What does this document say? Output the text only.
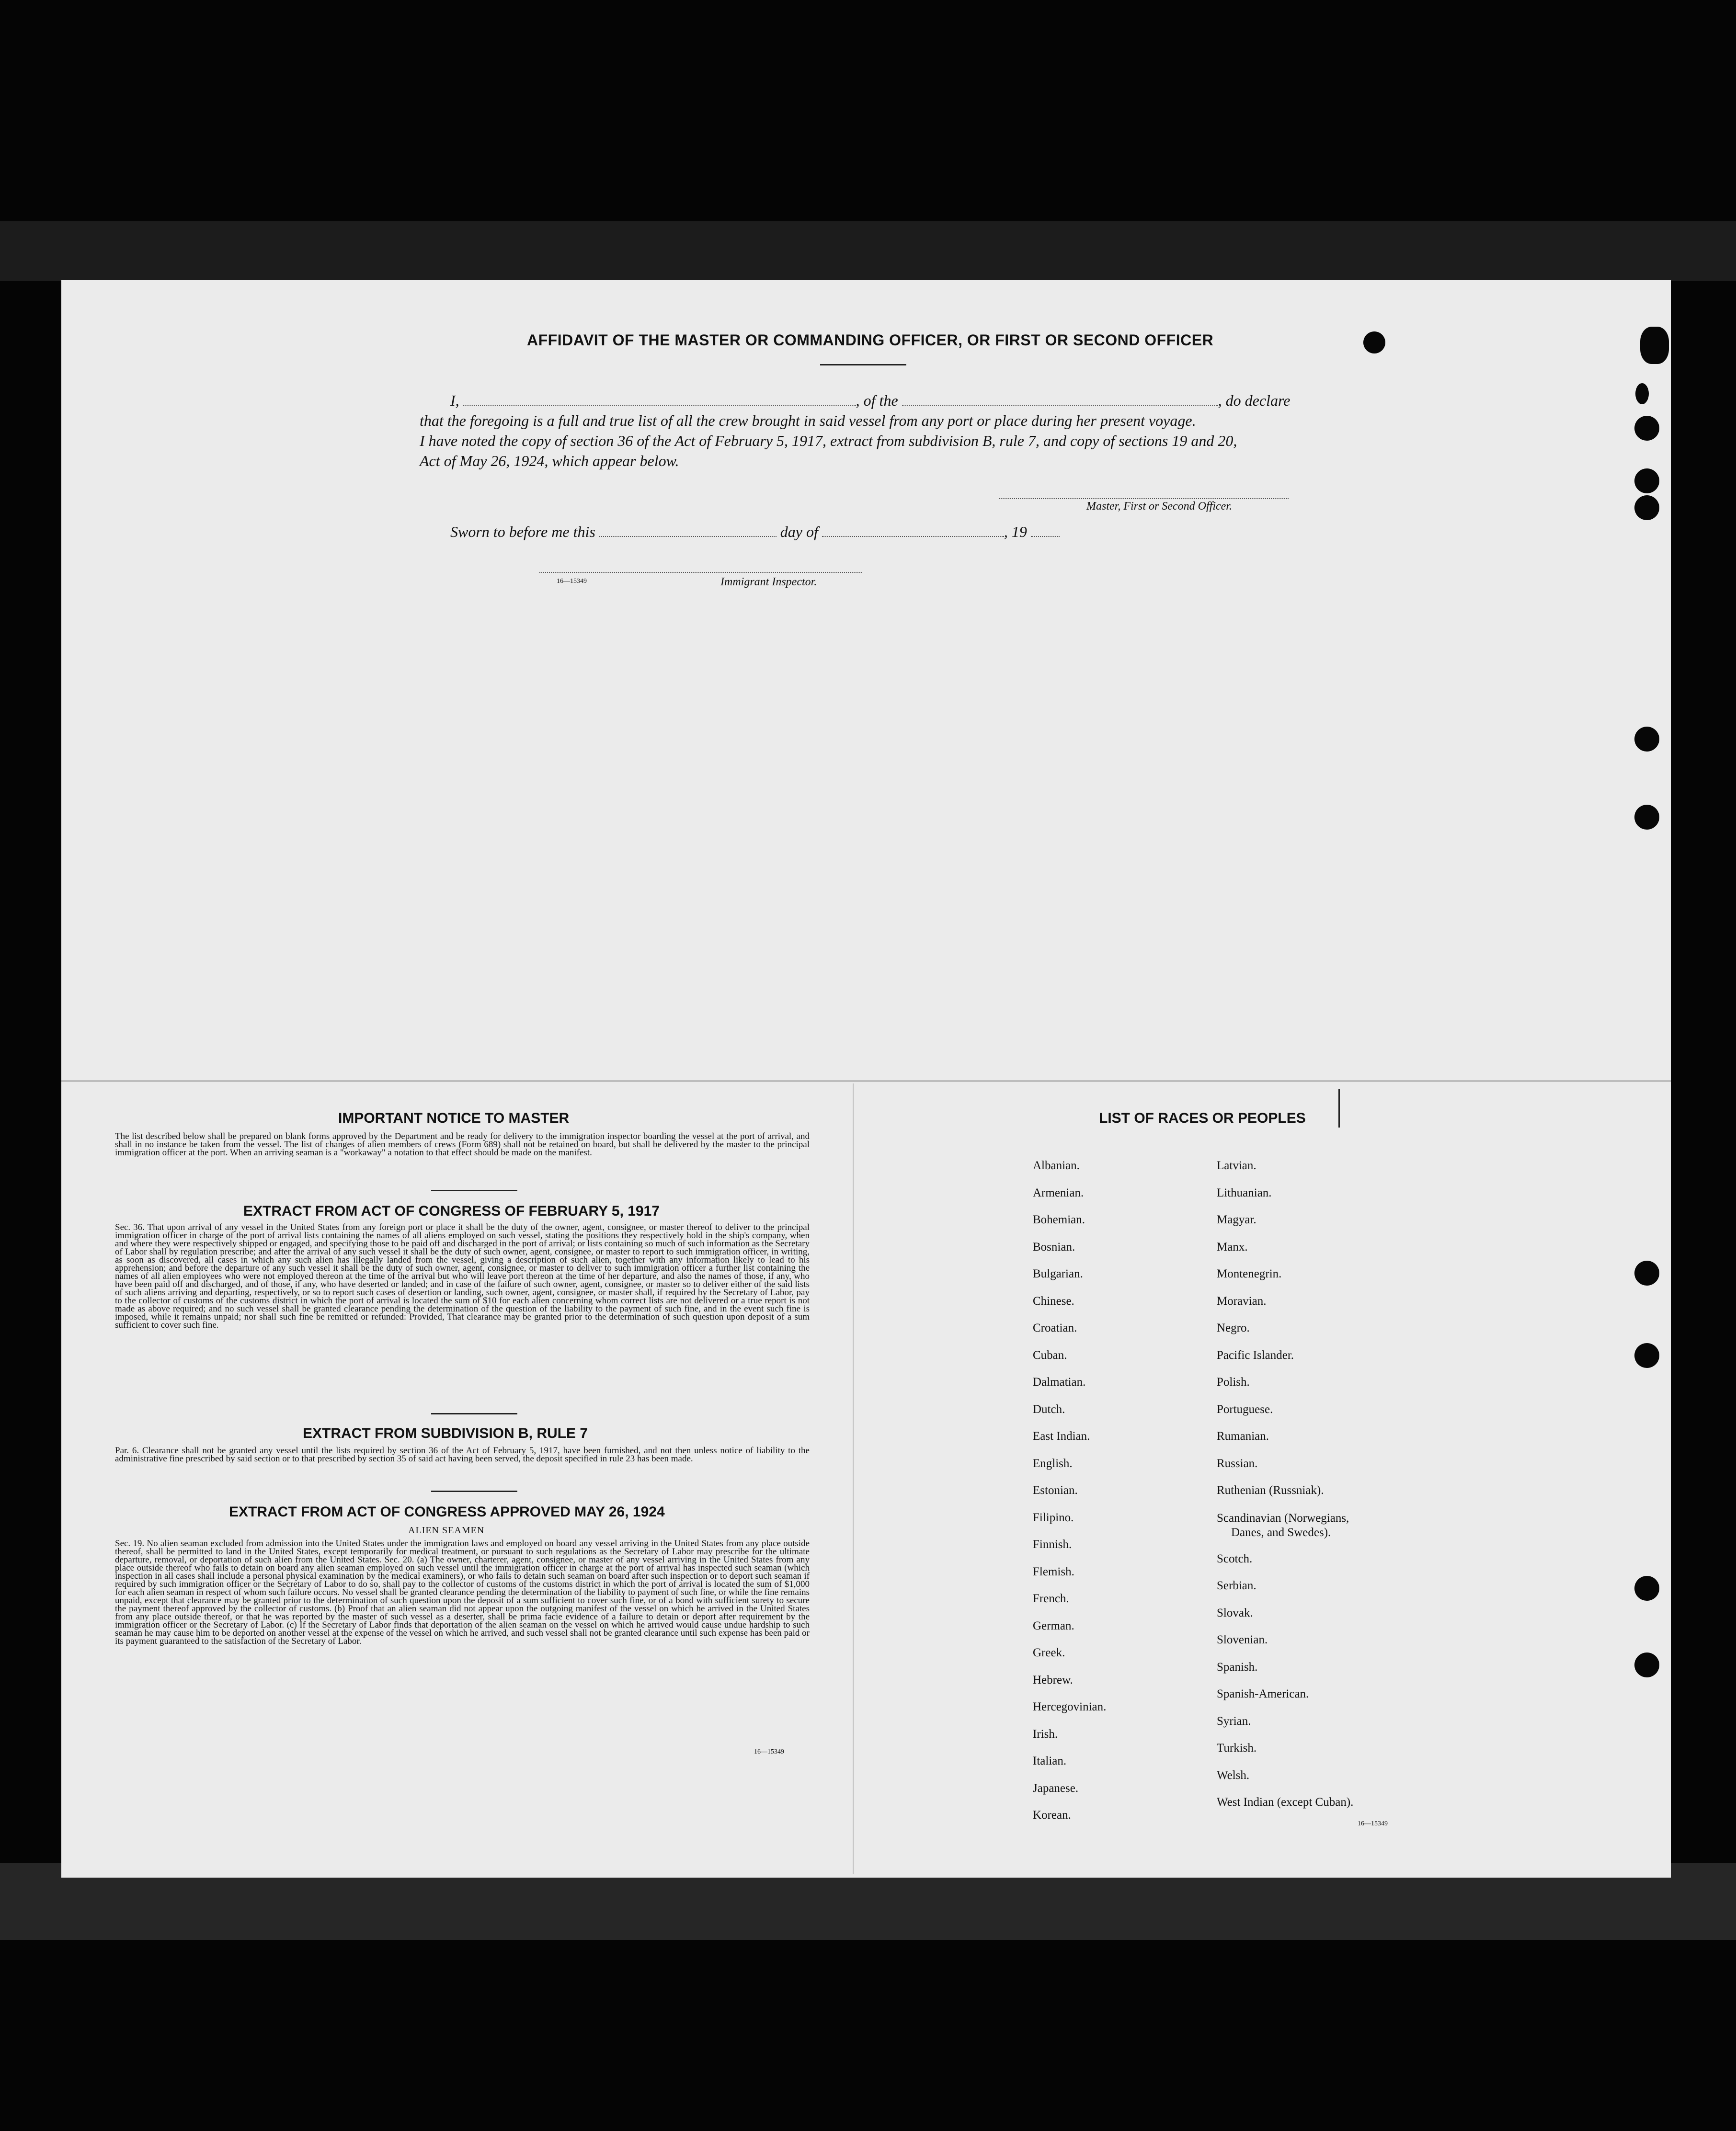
AFFIDAVIT OF THE MASTER OR COMMANDING OFFICER, OR FIRST OR SECOND OFFICER
I,	, of the	, do declare
that the foregoing is a full and true list of all the crew brought in said vessel from any port or place during her present voyage.
I have noted the copy of section 36 of the Act of February 5, 1917, extract from subdivision B, rule 7, and copy of sections 19 and 20,
Act of May 26, 1924, which appear below.
Master, First or Second Officer.
Sworn to before me this	day of	, 19
16—15349	Immigrant Inspector.
IMPORTANT NOTICE TO MASTER
The list described below shall be prepared on blank forms approved by the Department and be ready for delivery to the immigration inspector boarding the vessel at the port of arrival, and shall in no instance be taken from the vessel. The list of changes of alien members of crews (Form 689) shall not be retained on board, but shall be delivered by the master to the principal immigration officer at the port. When an arriving seaman is a "workaway" a notation to that effect should be made on the manifest.
EXTRACT FROM ACT OF CONGRESS OF FEBRUARY 5, 1917
Sec. 36. That upon arrival of any vessel in the United States from any foreign port or place it shall be the duty of the owner, agent, consignee, or master thereof to deliver to the principal immigration officer in charge of the port of arrival lists containing the names of all aliens employed on such vessel, stating the positions they respectively hold in the ship's company, when and where they were respectively shipped or engaged, and specifying those to be paid off and discharged in the port of arrival; or lists containing so much of such information as the Secretary of Labor shall by regulation prescribe; and after the arrival of any such vessel it shall be the duty of such owner, agent, consignee, or master to report to such immigration officer, in writing, as soon as discovered, all cases in which any such alien has illegally landed from the vessel, giving a description of such alien, together with any information likely to lead to his apprehension; and before the departure of any such vessel it shall be the duty of such owner, agent, consignee, or master to deliver to such immigration officer a further list containing the names of all alien employees who were not employed thereon at the time of the arrival but who will leave port thereon at the time of her departure, and also the names of those, if any, who have been paid off and discharged, and of those, if any, who have deserted or landed; and in case of the failure of such owner, agent, consignee, or master so to deliver either of the said lists of such aliens arriving and departing, respectively, or so to report such cases of desertion or landing, such owner, agent, consignee, or master shall, if required by the Secretary of Labor, pay to the collector of customs of the customs district in which the port of arrival is located the sum of $10 for each alien concerning whom correct lists are not delivered or a true report is not made as above required; and no such vessel shall be granted clearance pending the determination of the question of the liability to the payment of such fine, and in the event such fine is imposed, while it remains unpaid; nor shall such fine be remitted or refunded: Provided, That clearance may be granted prior to the determination of such question upon deposit of a sum sufficient to cover such fine.
EXTRACT FROM SUBDIVISION B, RULE 7
Par. 6. Clearance shall not be granted any vessel until the lists required by section 36 of the Act of February 5, 1917, have been furnished, and not then unless notice of liability to the administrative fine prescribed by said section or to that prescribed by section 35 of said act having been served, the deposit specified in rule 23 has been made.
EXTRACT FROM ACT OF CONGRESS APPROVED MAY 26, 1924
ALIEN SEAMEN
Sec. 19. No alien seaman excluded from admission into the United States under the immigration laws and employed on board any vessel arriving in the United States from any place outside thereof, shall be permitted to land in the United States, except temporarily for medical treatment, or pursuant to such regulations as the Secretary of Labor may prescribe for the ultimate departure, removal, or deportation of such alien from the United States. Sec. 20. (a) The owner, charterer, agent, consignee, or master of any vessel arriving in the United States from any place outside thereof who fails to detain on board any alien seaman employed on such vessel until the immigration officer in charge at the port of arrival has inspected such seaman (which inspection in all cases shall include a personal physical examination by the medical examiners), or who fails to detain such seaman on board after such inspection or to deport such seaman if required by such immigration officer or the Secretary of Labor to do so, shall pay to the collector of customs of the customs district in which the port of arrival is located the sum of $1,000 for each alien seaman in respect of whom such failure occurs. No vessel shall be granted clearance pending the determination of the liability to payment of such fine, or while the fine remains unpaid, except that clearance may be granted prior to the determination of such question upon the deposit of a sum sufficient to cover such fine, or of a bond with sufficient surety to secure the payment thereof approved by the collector of customs. (b) Proof that an alien seaman did not appear upon the outgoing manifest of the vessel on which he arrived in the United States from any place outside thereof, or that he was reported by the master of such vessel as a deserter, shall be prima facie evidence of a failure to detain or deport after requirement by the immigration officer or the Secretary of Labor. (c) If the Secretary of Labor finds that deportation of the alien seaman on the vessel on which he arrived would cause undue hardship to such seaman he may cause him to be deported on another vessel at the expense of the vessel on which he arrived, and such vessel shall not be granted clearance until such expense has been paid or its payment guaranteed to the satisfaction of the Secretary of Labor.
16—15349
LIST OF RACES OR PEOPLES
Albanian.
Armenian.
Bohemian.
Bosnian.
Bulgarian.
Chinese.
Croatian.
Cuban.
Dalmatian.
Dutch.
East Indian.
English.
Estonian.
Filipino.
Finnish.
Flemish.
French.
German.
Greek.
Hebrew.
Hercegovinian.
Irish.
Italian.
Japanese.
Korean.
Latvian.
Lithuanian.
Magyar.
Manx.
Montenegrin.
Moravian.
Negro.
Pacific Islander.
Polish.
Portuguese.
Rumanian.
Russian.
Ruthenian (Russniak).
Scandinavian (Norwegians,
Danes, and Swedes).
Scotch.
Serbian.
Slovak.
Slovenian.
Spanish.
Spanish-American.
Syrian.
Turkish.
Welsh.
West Indian (except Cuban).
16—15349
